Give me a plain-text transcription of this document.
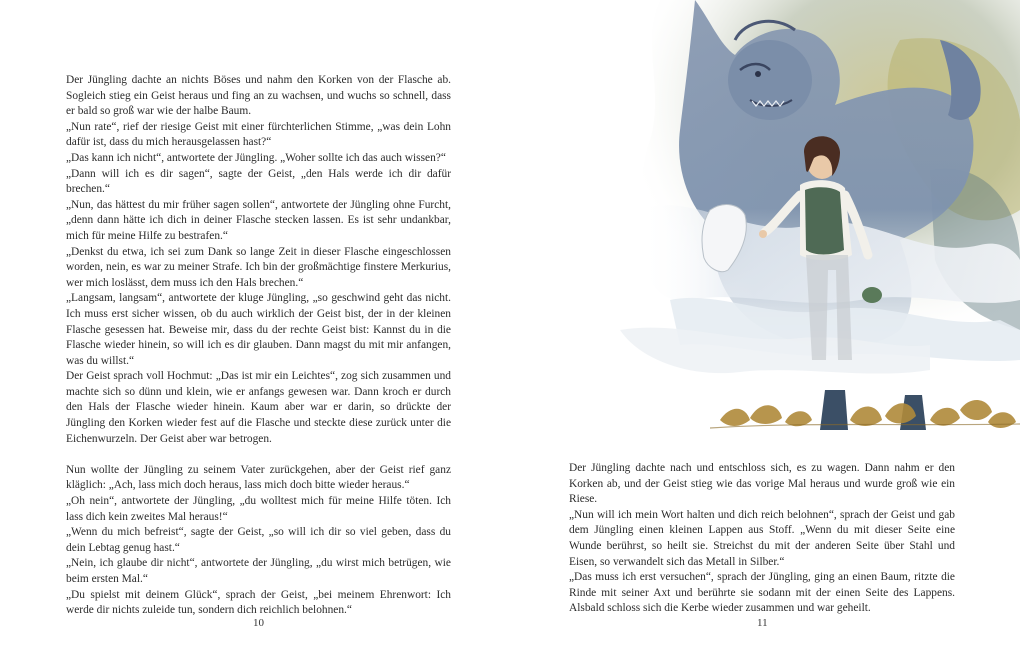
Der Jüngling dachte an nichts Böses und nahm den Korken von der Flasche ab. Sogleich stieg ein Geist heraus und fing an zu wachsen, und wuchs so schnell, dass er bald so groß war wie der halbe Baum.

„Nun rate“, rief der riesige Geist mit einer fürchterlichen Stimme, „was dein Lohn dafür ist, dass du mich herausgelassen hast?“

„Das kann ich nicht“, antwortete der Jüngling. „Woher sollte ich das auch wissen?“

„Dann will ich es dir sagen“, sagte der Geist, „den Hals werde ich dir dafür brechen.“

„Nun, das hättest du mir früher sagen sollen“, antwortete der Jüngling ohne Furcht, „denn dann hätte ich dich in deiner Flasche stecken lassen. Es ist sehr undankbar, mich für meine Hilfe zu bestrafen.“

„Denkst du etwa, ich sei zum Dank so lange Zeit in dieser Flasche eingeschlossen worden, nein, es war zu meiner Strafe. Ich bin der großmächtige finstere Merkurius, wer mich loslässt, dem muss ich den Hals brechen.“

„Langsam, langsam“, antwortete der kluge Jüngling, „so geschwind geht das nicht. Ich muss erst sicher wissen, ob du auch wirklich der Geist bist, der in der kleinen Flasche gesessen hat. Beweise mir, dass du der rechte Geist bist: Kannst du in die Flasche wieder hinein, so will ich es dir glauben. Dann magst du mit mir anfangen, was du willst.“

Der Geist sprach voll Hochmut: „Das ist mir ein Leichtes“, zog sich zusammen und machte sich so dünn und klein, wie er anfangs gewesen war. Dann kroch er durch den Hals der Flasche wieder hinein. Kaum aber war er darin, so drückte der Jüngling den Korken wieder fest auf die Flasche und steckte diese zurück unter die Eichenwurzeln. Der Geist aber war betrogen.

Nun wollte der Jüngling zu seinem Vater zurückgehen, aber der Geist rief ganz kläglich: „Ach, lass mich doch heraus, lass mich doch bitte wieder heraus.“

„Oh nein“, antwortete der Jüngling, „du wolltest mich für meine Hilfe töten. Ich lass dich kein zweites Mal heraus!“

„Wenn du mich befreist“, sagte der Geist, „so will ich dir so viel geben, dass du dein Lebtag genug hast.“

„Nein, ich glaube dir nicht“, antwortete der Jüngling, „du wirst mich betrügen, wie beim ersten Mal.“

„Du spielst mit deinem Glück“, sprach der Geist, „bei meinem Ehrenwort: Ich werde dir nichts zuleide tun, sondern dich reichlich belohnen.“

10

Der Jüngling dachte nach und entschloss sich, es zu wagen. Dann nahm er den Korken ab, und der Geist stieg wie das vorige Mal heraus und wurde groß wie ein Riese.

„Nun will ich mein Wort halten und dich reich belohnen“, sprach der Geist und gab dem Jüngling einen kleinen Lappen aus Stoff. „Wenn du mit dieser Seite eine Wunde berührst, so heilt sie. Streichst du mit der anderen Seite über Stahl und Eisen, so verwandelt sich das Metall in Silber.“

„Das muss ich erst versuchen“, sprach der Jüngling, ging an einen Baum, ritzte die Rinde mit seiner Axt und berührte sie sodann mit der einen Seite des Lappens. Alsbald schloss sich die Kerbe wieder zusammen und war geheilt.

11
